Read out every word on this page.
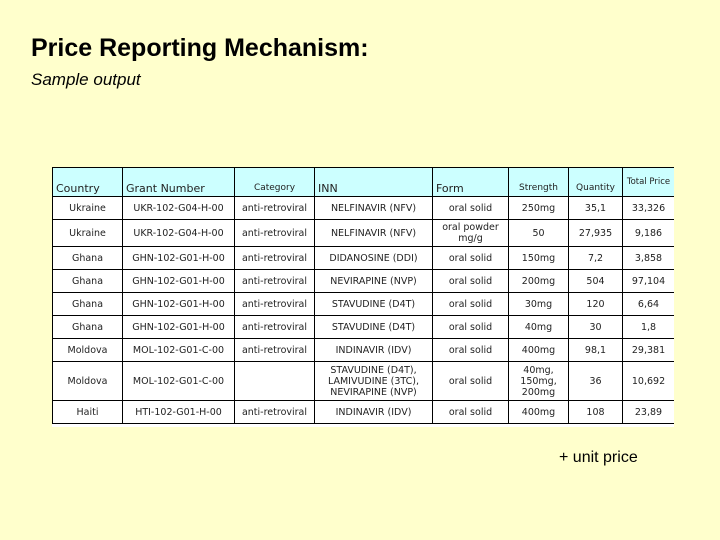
Price Reporting Mechanism:
Sample output
Country	Grant Number	Category	INN	Form	Strength	Quantity	Total Price
Ukraine	UKR-102-G04-H-00	anti-retroviral	NELFINAVIR (NFV)	oral solid	250mg	35,1	33,326
Ukraine	UKR-102-G04-H-00	anti-retroviral	NELFINAVIR (NFV)	oral powder mg/g	50	27,935	9,186
Ghana	GHN-102-G01-H-00	anti-retroviral	DIDANOSINE (DDI)	oral solid	150mg	7,2	3,858
Ghana	GHN-102-G01-H-00	anti-retroviral	NEVIRAPINE (NVP)	oral solid	200mg	504	97,104
Ghana	GHN-102-G01-H-00	anti-retroviral	STAVUDINE (D4T)	oral solid	30mg	120	6,64
Ghana	GHN-102-G01-H-00	anti-retroviral	STAVUDINE (D4T)	oral solid	40mg	30	1,8
Moldova	MOL-102-G01-C-00	anti-retroviral	INDINAVIR (IDV)	oral solid	400mg	98,1	29,381
Moldova	MOL-102-G01-C-00		STAVUDINE (D4T), LAMIVUDINE (3TC), NEVIRAPINE (NVP)	oral solid	40mg, 150mg, 200mg	36	10,692
Haiti	HTI-102-G01-H-00	anti-retroviral	INDINAVIR (IDV)	oral solid	400mg	108	23,89
+ unit price
